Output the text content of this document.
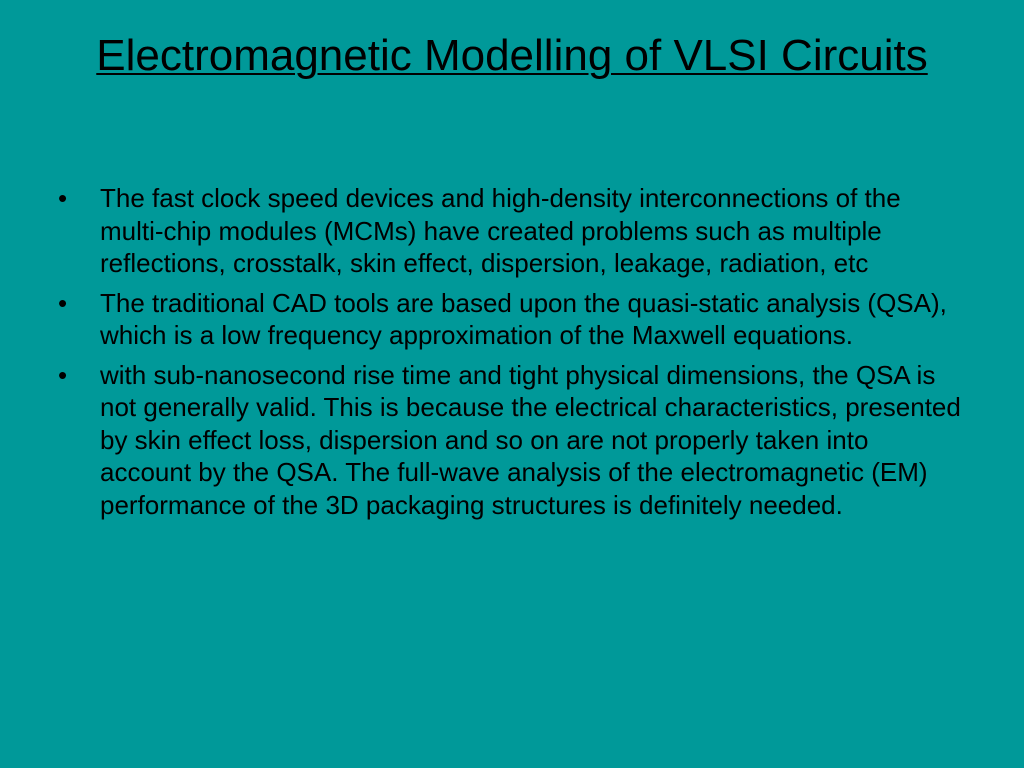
Electromagnetic Modelling of VLSI Circuits
• The fast clock speed devices and high-density interconnections of the multi-chip modules (MCMs) have created problems such as multiple reflections, crosstalk, skin effect, dispersion, leakage, radiation, etc
• The traditional CAD tools are based upon the quasi-static analysis (QSA), which is a low frequency approximation of the Maxwell equations.
• with sub-nanosecond rise time and tight physical dimensions, the QSA is not generally valid. This is because the electrical characteristics, presented by skin effect loss, dispersion and so on are not properly taken into account by the QSA. The full-wave analysis of the electromagnetic (EM) performance of the 3D packaging structures is definitely needed.
